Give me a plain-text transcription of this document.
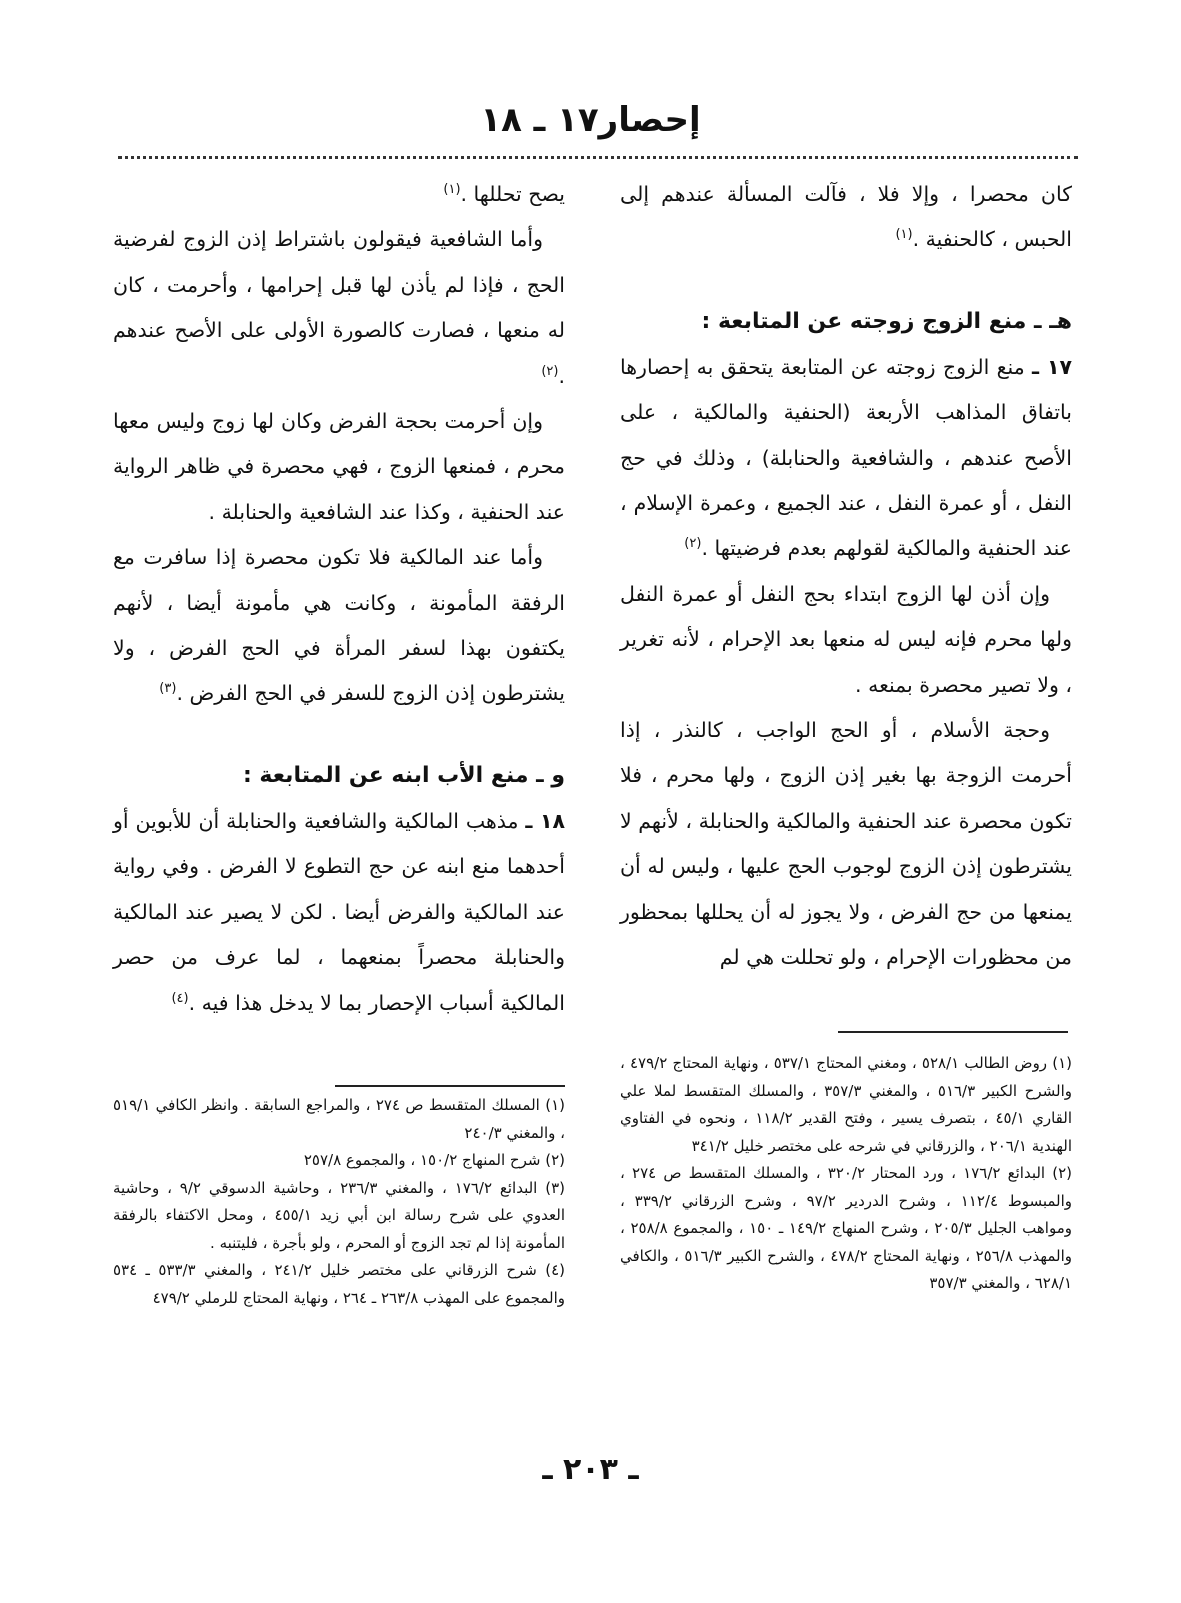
إحصار١٧ ـ ١٨

كان محصرا ، وإلا فلا ، فآلت المسألة عندهم إلى الحبس ، كالحنفية .$^{(١)}$

هـ ـ منع الزوج زوجته عن المتابعة :

١٧ ـ منع الزوج زوجته عن المتابعة يتحقق به إحصارها باتفاق المذاهب الأربعة (الحنفية والمالكية ، على الأصح عندهم ، والشافعية والحنابلة) ، وذلك في حج النفل ، أو عمرة النفل ، عند الجميع ، وعمرة الإسلام ، عند الحنفية والمالكية لقولهم بعدم فرضيتها .$^{(٢)}$

وإن أذن لها الزوج ابتداء بحج النفل أو عمرة النفل ولها محرم فإنه ليس له منعها بعد الإحرام ، لأنه تغرير ، ولا تصير محصرة بمنعه .

وحجة الأسلام ، أو الحج الواجب ، كالنذر ، إذا أحرمت الزوجة بها بغير إذن الزوج ، ولها محرم ، فلا تكون محصرة عند الحنفية والمالكية والحنابلة ، لأنهم لا يشترطون إذن الزوج لوجوب الحج عليها ، وليس له أن يمنعها من حج الفرض ، ولا يجوز له أن يحللها بمحظور من محظورات الإحرام ، ولو تحللت هي لم

يصح تحللها .$^{(١)}$

وأما الشافعية فيقولون باشتراط إذن الزوج لفرضية الحج ، فإذا لم يأذن لها قبل إحرامها ، وأحرمت ، كان له منعها ، فصارت كالصورة الأولى على الأصح عندهم .$^{(٢)}$

وإن أحرمت بحجة الفرض وكان لها زوج وليس معها محرم ، فمنعها الزوج ، فهي محصرة في ظاهر الرواية عند الحنفية ، وكذا عند الشافعية والحنابلة .

وأما عند المالكية فلا تكون محصرة إذا سافرت مع الرفقة المأمونة ، وكانت هي مأمونة أيضا ، لأنهم يكتفون بهذا لسفر المرأة في الحج الفرض ، ولا يشترطون إذن الزوج للسفر في الحج الفرض .$^{(٣)}$

و ـ منع الأب ابنه عن المتابعة :

١٨ ـ مذهب المالكية والشافعية والحنابلة أن للأبوين أو أحدهما منع ابنه عن حج التطوع لا الفرض . وفي رواية عند المالكية والفرض أيضا . لكن لا يصير عند المالكية والحنابلة محصراً بمنعهما ، لما عرف من حصر المالكية أسباب الإحصار بما لا يدخل هذا فيه .$^{(٤)}$

(١) روض الطالب ٥٢٨/١ ، ومغني المحتاج ٥٣٧/١ ، ونهاية المحتاج ٤٧٩/٢ ، والشرح الكبير ٥١٦/٣ ، والمغني ٣٥٧/٣ ، والمسلك المتقسط لملا علي القاري ٤٥/١ ، بتصرف يسير ، وفتح القدير ١١٨/٢ ، ونحوه في الفتاوي الهندية ٢٠٦/١ ، والزرقاني في شرحه على مختصر خليل ٣٤١/٢

(٢) البدائع ١٧٦/٢ ، ورد المحتار ٣٢٠/٢ ، والمسلك المتقسط ص ٢٧٤ ، والمبسوط ١١٢/٤ ، وشرح الدردير ٩٧/٢ ، وشرح الزرقاني ٣٣٩/٢ ، ومواهب الجليل ٢٠٥/٣ ، وشرح المنهاج ١٤٩/٢ ـ ١٥٠ ، والمجموع ٢٥٨/٨ ، والمهذب ٢٥٦/٨ ، ونهاية المحتاج ٤٧٨/٢ ، والشرح الكبير ٥١٦/٣ ، والكافي ٦٢٨/١ ، والمغني ٣٥٧/٣

(١) المسلك المتقسط ص ٢٧٤ ، والمراجع السابقة . وانظر الكافي ٥١٩/١ ، والمغني ٢٤٠/٣

(٢) شرح المنهاج ١٥٠/٢ ، والمجموع ٢٥٧/٨

(٣) البدائع ١٧٦/٢ ، والمغني ٢٣٦/٣ ، وحاشية الدسوقي ٩/٢ ، وحاشية العدوي على شرح رسالة ابن أبي زيد ٤٥٥/١ ، ومحل الاكتفاء بالرفقة المأمونة إذا لم تجد الزوج أو المحرم ، ولو بأجرة ، فليتنبه .

(٤) شرح الزرقاني على مختصر خليل ٢٤١/٢ ، والمغني ٥٣٣/٣ ـ ٥٣٤ والمجموع على المهذب ٢٦٣/٨ ـ ٢٦٤ ، ونهاية المحتاج للرملي ٤٧٩/٢

ـ ٢٠٣ ـ
